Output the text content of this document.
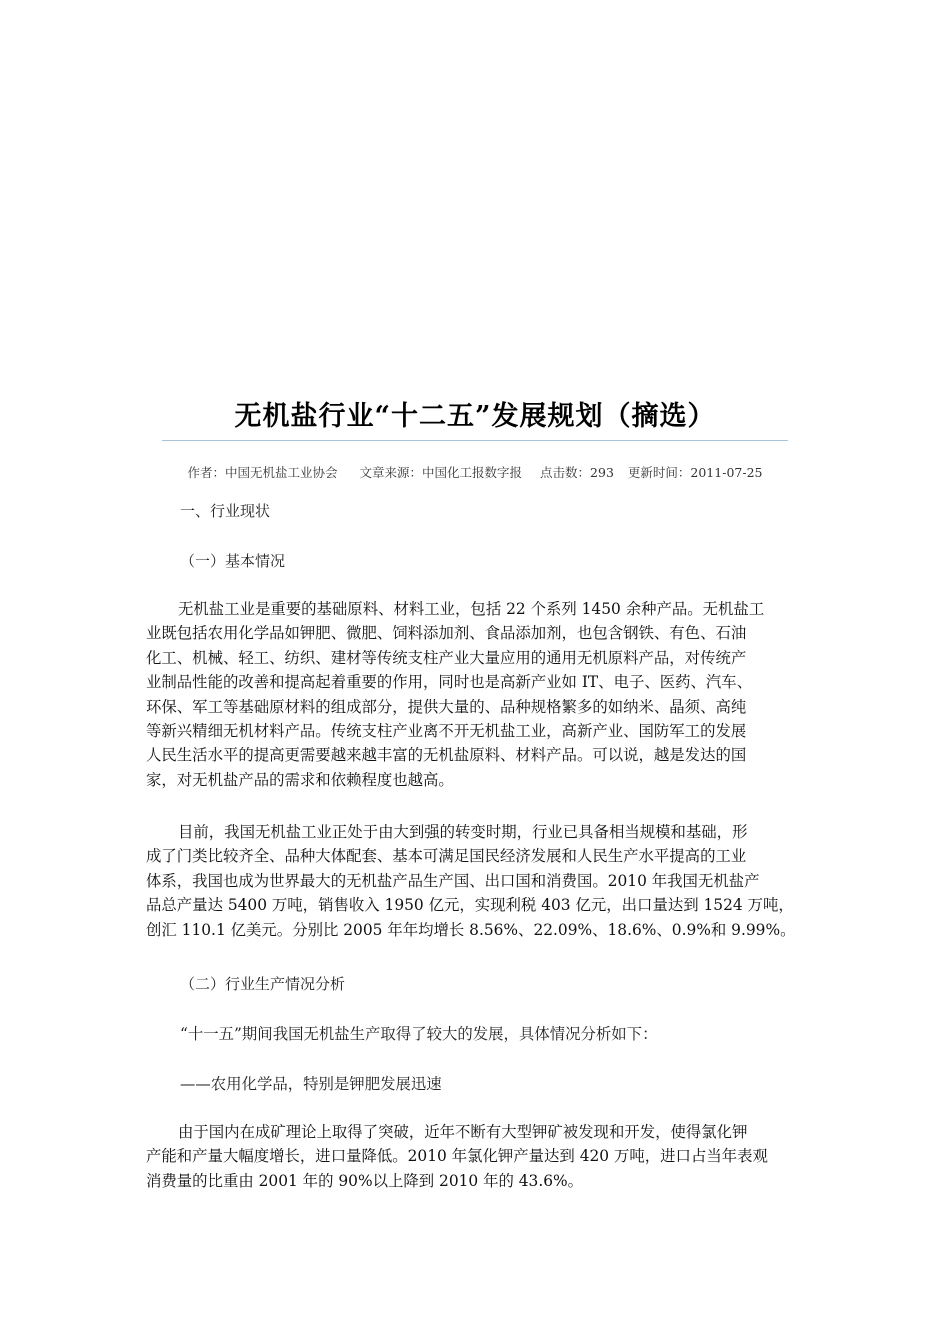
无机盐行业“十二五”发展规划（摘选）
作者：中国无机盐工业协会 文章来源：中国化工报数字报 点击数：293 更新时间：2011-07-25
一、行业现状
（一）基本情况
无机盐工业是重要的基础原料、材料工业，包括 22 个系列 1450 余种产品。无机盐工
业既包括农用化学品如钾肥、微肥、饲料添加剂、食品添加剂，也包含钢铁、有色、石油
化工、机械、轻工、纺织、建材等传统支柱产业大量应用的通用无机原料产品，对传统产
业制品性能的改善和提高起着重要的作用，同时也是高新产业如 IT、电子、医药、汽车、
环保、军工等基础原材料的组成部分，提供大量的、品种规格繁多的如纳米、晶须、高纯
等新兴精细无机材料产品。传统支柱产业离不开无机盐工业，高新产业、国防军工的发展
人民生活水平的提高更需要越来越丰富的无机盐原料、材料产品。可以说，越是发达的国
家，对无机盐产品的需求和依赖程度也越高。
目前，我国无机盐工业正处于由大到强的转变时期，行业已具备相当规模和基础，形
成了门类比较齐全、品种大体配套、基本可满足国民经济发展和人民生产水平提高的工业
体系，我国也成为世界最大的无机盐产品生产国、出口国和消费国。2010 年我国无机盐产
品总产量达 5400 万吨，销售收入 1950 亿元，实现利税 403 亿元，出口量达到 1524 万吨，
创汇 110.1 亿美元。分别比 2005 年年均增长 8.56%、22.09%、18.6%、0.9%和 9.99%。
（二）行业生产情况分析
“十一五”期间我国无机盐生产取得了较大的发展，具体情况分析如下：
——农用化学品，特别是钾肥发展迅速
由于国内在成矿理论上取得了突破，近年不断有大型钾矿被发现和开发，使得氯化钾
产能和产量大幅度增长，进口量降低。2010 年氯化钾产量达到 420 万吨，进口占当年表观
消费量的比重由 2001 年的 90%以上降到 2010 年的 43.6%。
